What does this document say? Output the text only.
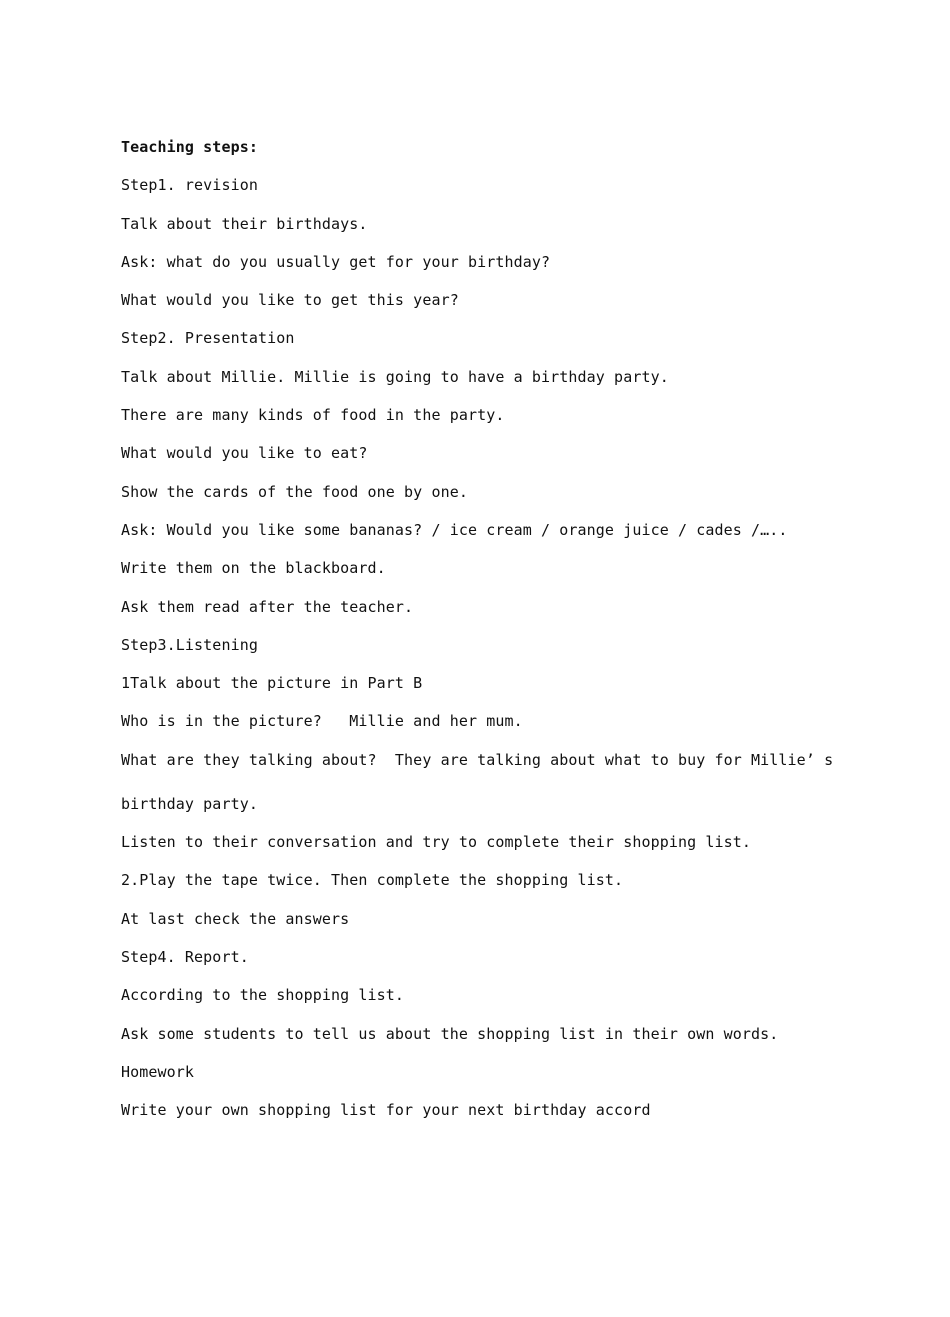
Teaching steps:
Step1. revision
Talk about their birthdays.
Ask: what do you usually get for your birthday?
What would you like to get this year?
Step2. Presentation
Talk about Millie. Millie is going to have a birthday party.
There are many kinds of food in the party.
What would you like to eat?
Show the cards of the food one by one.
Ask: Would you like some bananas? / ice cream / orange juice / cades /…..
Write them on the blackboard.
Ask them read after the teacher.
Step3.Listening
1Talk about the picture in Part B
Who is in the picture?   Millie and her mum.
What are they talking about?  They are talking about what to buy for Millie’ s
birthday party.
Listen to their conversation and try to complete their shopping list.
2.Play the tape twice. Then complete the shopping list.
At last check the answers
Step4. Report.
According to the shopping list.
Ask some students to tell us about the shopping list in their own words.
Homework
Write your own shopping list for your next birthday accord
